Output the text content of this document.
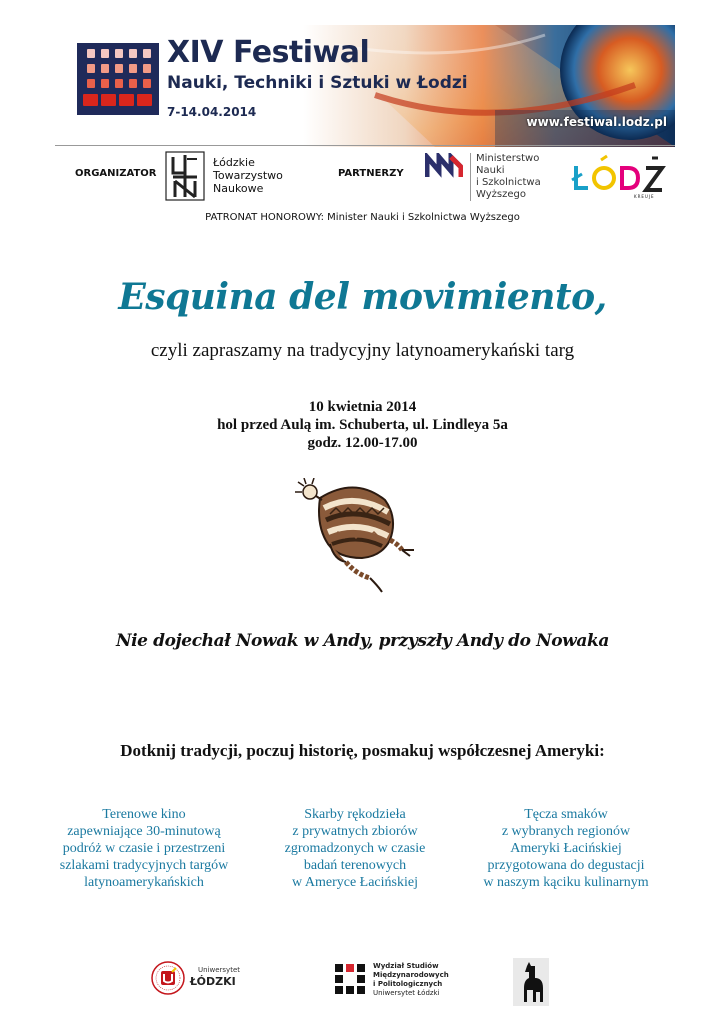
XIV Festiwal
Nauki, Techniki i Sztuki w Łodzi
7-14.04.2014
www.festiwal.lodz.pl
ORGANIZATOR
Łódzkie
Towarzystwo
Naukowe
PARTNERZY
Ministerstwo
Nauki
i Szkolnictwa
Wyższego	KREUJE
PATRONAT HONOROWY: Minister Nauki i Szkolnictwa Wyższego
Esquina del movimiento,
czyli zapraszamy na tradycyjny latynoamerykański targ
10 kwietnia 2014
hol przed Aulą im. Schuberta, ul. Lindleya 5a
godz. 12.00-17.00
Nie dojechał Nowak w Andy, przyszły Andy do Nowaka
Dotknij tradycji, poczuj historię, posmakuj współczesnej Ameryki:
Terenowe kino
zapewniające 30-minutową
podróż w czasie i przestrzeni
szlakami tradycyjnych targów
latynoamerykańskich
Skarby rękodzieła
z prywatnych zbiorów
zgromadzonych w czasie
badań terenowych
w Ameryce Łacińskiej
Tęcza smaków
z wybranych regionów
Ameryki Łacińskiej
przygotowana do degustacji
w naszym kąciku kulinarnym
Uniwersytet
ŁÓDZKI
Wydział Studiów
Międzynarodowych
i Politologicznych
Uniwersytet Łódzki
